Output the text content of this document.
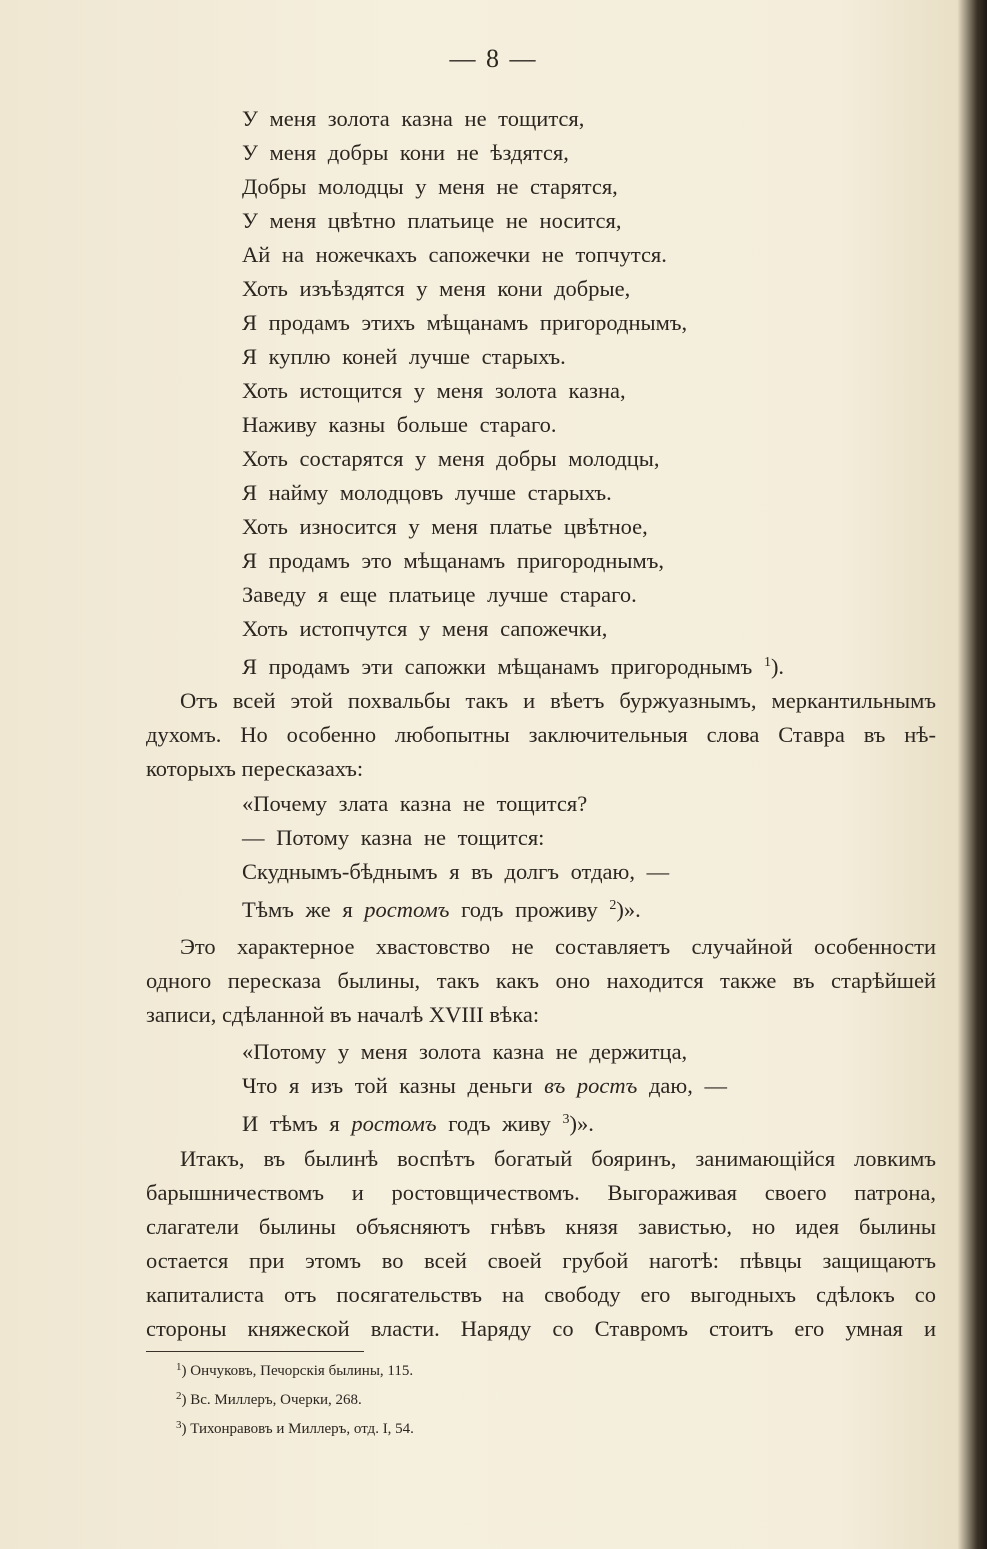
— 8 —
У меня золота казна не тощится,
У меня добры кони не ѣздятся,
Добры молодцы у меня не старятся,
У меня цвѣтно платьице не носится,
Ай на ножечкахъ сапожечки не топчутся.
Хоть изъѣздятся у меня кони добрые,
Я продамъ этихъ мѣщанамъ пригороднымъ,
Я куплю коней лучше старыхъ.
Хоть истощится у меня золота казна,
Наживу казны больше стараго.
Хоть состарятся у меня добры молодцы,
Я найму молодцовъ лучше старыхъ.
Хоть износится у меня платье цвѣтное,
Я продамъ это мѣщанамъ пригороднымъ,
Заведу я еще платьице лучше стараго.
Хоть истопчутся у меня сапожечки,
Я продамъ эти сапожки мѣщанамъ пригороднымъ $^1$).
Отъ всей этой похвальбы такъ и вѣетъ буржуазнымъ, меркантильнымъ
духомъ. Но особенно любопытны заключительныя слова Ставра въ нѣ-
которыхъ пересказахъ:
«Почему злата казна не тощится?
— Потому казна не тощится:
Скуднымъ-бѣднымъ я въ долгъ отдаю, —
Тѣмъ же я ростомъ годъ проживу $^2$)».
Это характерное хвастовство не составляетъ случайной особенности
одного пересказа былины, такъ какъ оно находится также въ старѣйшей
записи, сдѣланной въ началѣ XVIII вѣка:
«Потому у меня золота казна не держитца,
Что я изъ той казны деньги въ ростъ даю, —
И тѣмъ я ростомъ годъ живу $^3$)».
Итакъ, въ былинѣ воспѣтъ богатый бояринъ, занимающійся ловкимъ
барышничествомъ и ростовщичествомъ. Выгораживая своего патрона,
слагатели былины объясняютъ гнѣвъ князя завистью, но идея былины
остается при этомъ во всей своей грубой наготѣ: пѣвцы защищаютъ
капиталиста отъ посягательствъ на свободу его выгодныхъ сдѣлокъ со
стороны княжеской власти. Наряду со Ставромъ стоитъ его умная и
$^1$) Ончуковъ, Печорскія былины, 115.
$^2$) Вс. Миллеръ, Очерки, 268.
$^3$) Тихонравовъ и Миллеръ, отд. I, 54.
